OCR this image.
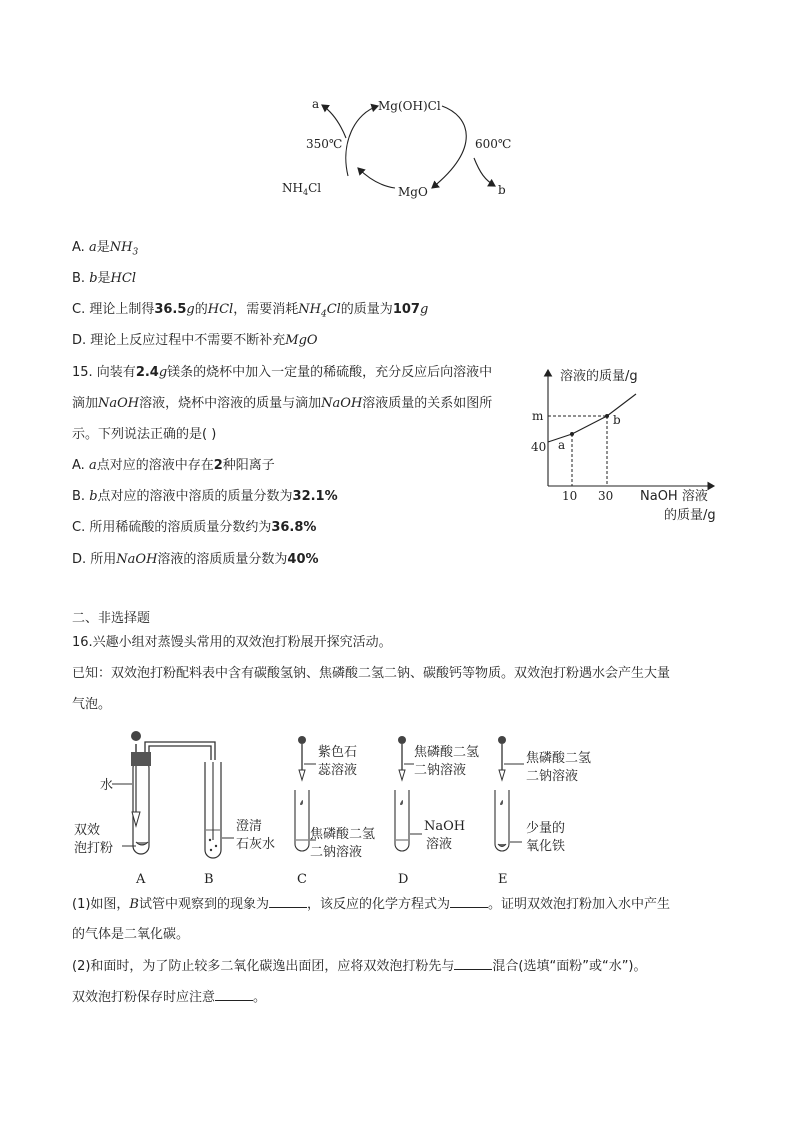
a	Mg(OH)Cl
350℃	600℃
$NH_4Cl$	MgO	b
A. a是$NH_3$
B. b是HCl
C. 理论上制得36.5g的HCl，需要消耗$NH_4Cl$的质量为107g
D. 理论上反应过程中不需要不断补充MgO
15. 向装有2.4g镁条的烧杯中加入一定量的稀硫酸，充分反应后向溶液中
滴加NaOH溶液，烧杯中溶液的质量与滴加NaOH溶液质量的关系如图所
示。下列说法正确的是( )
A. a点对应的溶液中存在2种阳离子
B. b点对应的溶液中溶质的质量分数为32.1%
C. 所用稀硫酸的溶质质量分数约为36.8%
D. 所用NaOH溶液的溶质质量分数为40%
溶液的质量/g
m
40 a
b
10 30 NaOH 溶液
的质量/g
二、非选择题
16.兴趣小组对蒸馒头常用的双效泡打粉展开探究活动。
已知：双效泡打粉配料表中含有碳酸氢钠、焦磷酸二氢二钠、碳酸钙等物质。双效泡打粉遇水会产生大量
气泡。
水
双效
泡打粉
A
澄清
石灰水
B
紫色石
蕊溶液
焦磷酸二氢
二钠溶液
C
焦磷酸二氢
二钠溶液
NaOH
溶液
D
焦磷酸二氢
二钠溶液
少量的
氧化铁
E
(1)如图，B试管中观察到的现象为	，该反应的化学方程式为	。证明双效泡打粉加入水中产生
的气体是二氧化碳。
(2)和面时，为了防止较多二氧化碳逸出面团，应将双效泡打粉先与	混合(选填“面粉”或“水”)。
双效泡打粉保存时应注意	。
